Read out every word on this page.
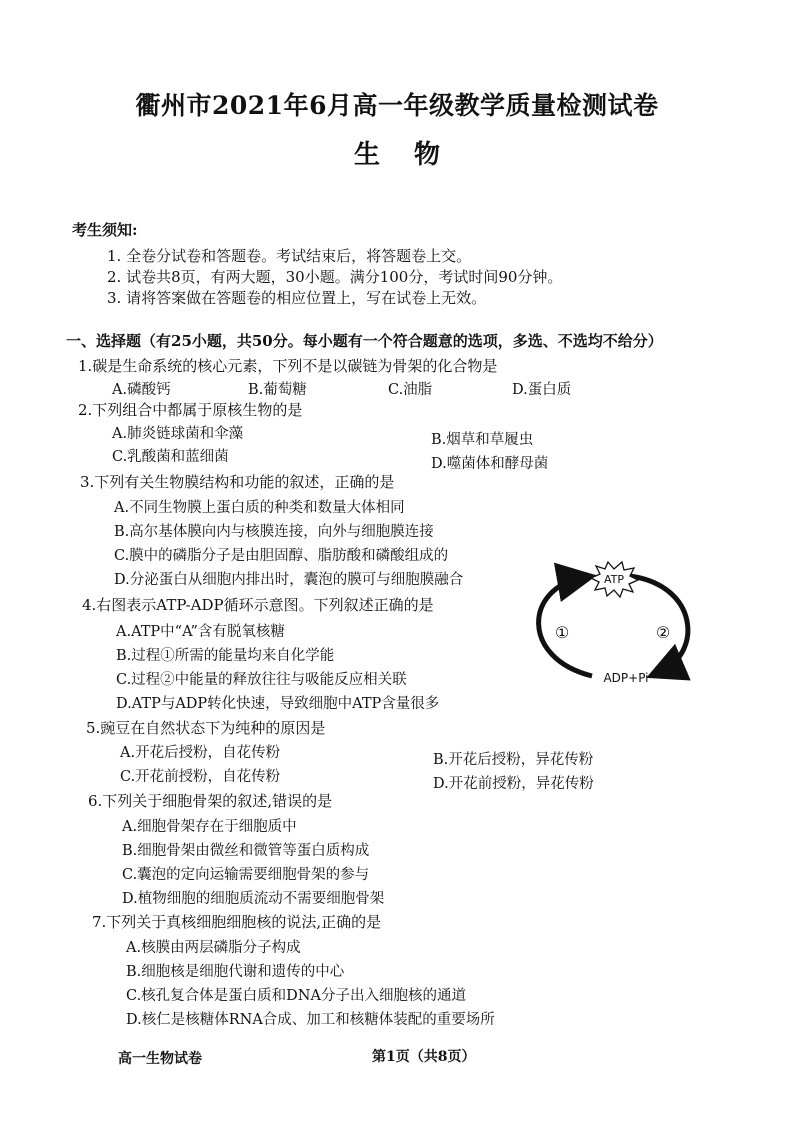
衢州市2021年6月高一年级教学质量检测试卷
生物
考生须知:
1. 全卷分试卷和答题卷。考试结束后，将答题卷上交。
2. 试卷共8页，有两大题，30小题。满分100分，考试时间90分钟。
3. 请将答案做在答题卷的相应位置上，写在试卷上无效。
一、选择题（有25小题，共50分。每小题有一个符合题意的选项，多选、不选均不给分）
1.碳是生命系统的核心元素，下列不是以碳链为骨架的化合物是
A.磷酸钙	B.葡萄糖	C.油脂	D.蛋白质
2.下列组合中都属于原核生物的是
A.肺炎链球菌和伞藻	B.烟草和草履虫
C.乳酸菌和蓝细菌	D.噬菌体和酵母菌
3.下列有关生物膜结构和功能的叙述，正确的是
A.不同生物膜上蛋白质的种类和数量大体相同
B.高尔基体膜向内与核膜连接，向外与细胞膜连接
C.膜中的磷脂分子是由胆固醇、脂肪酸和磷酸组成的
D.分泌蛋白从细胞内排出时，囊泡的膜可与细胞膜融合
4.右图表示ATP-ADP循环示意图。下列叙述正确的是
A.ATP中“A”含有脱氧核糖
B.过程①所需的能量均来自化学能
C.过程②中能量的释放往往与吸能反应相关联
D.ATP与ADP转化快速，导致细胞中ATP含量很多
ATP
ADP+Pi
①	②
5.豌豆在自然状态下为纯种的原因是
A.开花后授粉，自花传粉	B.开花后授粉，异花传粉
C.开花前授粉，自花传粉	D.开花前授粉，异花传粉
6.下列关于细胞骨架的叙述,错误的是
A.细胞骨架存在于细胞质中
B.细胞骨架由微丝和微管等蛋白质构成
C.囊泡的定向运输需要细胞骨架的参与
D.植物细胞的细胞质流动不需要细胞骨架
7.下列关于真核细胞细胞核的说法,正确的是
A.核膜由两层磷脂分子构成
B.细胞核是细胞代谢和遗传的中心
C.核孔复合体是蛋白质和DNA分子出入细胞核的通道
D.核仁是核糖体RNA合成、加工和核糖体装配的重要场所
高一生物试卷	第1页（共8页）
